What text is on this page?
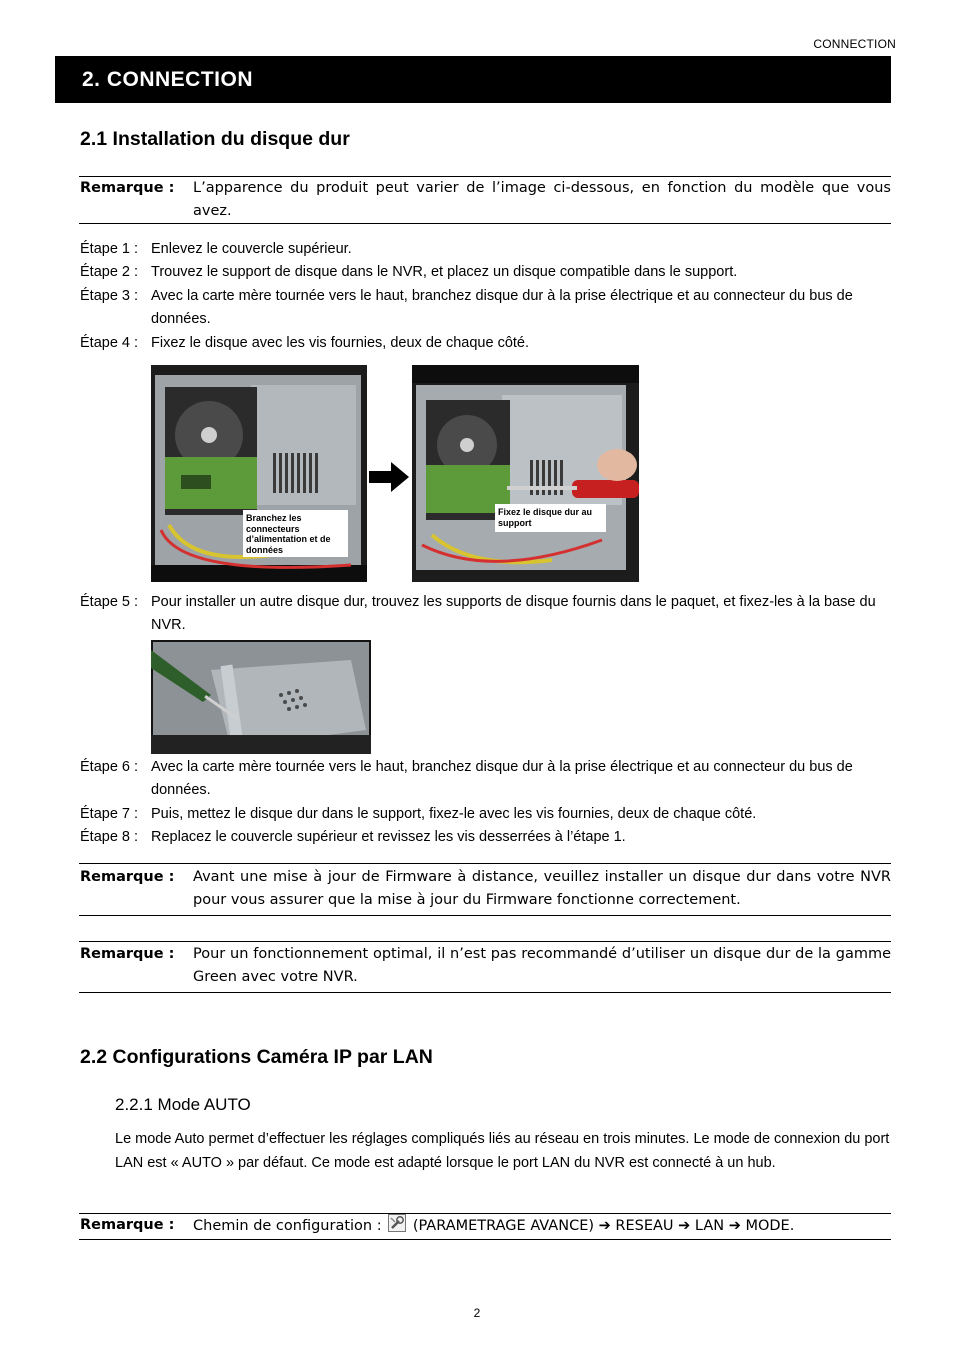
CONNECTION
2. CONNECTION
2.1 Installation du disque dur
Remarque : L’apparence du produit peut varier de l’image ci-dessous, en fonction du modèle que vous avez.
Étape 1 : Enlevez le couvercle supérieur.
Étape 2 : Trouvez le support de disque dans le NVR, et placez un disque compatible dans le support.
Étape 3 : Avec la carte mère tournée vers le haut, branchez disque dur à la prise électrique et au connecteur du bus de données.
Étape 4 : Fixez le disque avec les vis fournies, deux de chaque côté.
Branchez les connecteurs d’alimentation et de données
Fixez le disque dur au support
Étape 5 : Pour installer un autre disque dur, trouvez les supports de disque fournis dans le paquet, et fixez-les à la base du NVR.
Étape 6 : Avec la carte mère tournée vers le haut, branchez disque dur à la prise électrique et au connecteur du bus de données.
Étape 7 : Puis, mettez le disque dur dans le support, fixez-le avec les vis fournies, deux de chaque côté.
Étape 8 : Replacez le couvercle supérieur et revissez les vis desserrées à l’étape 1.
Remarque : Avant une mise à jour de Firmware à distance, veuillez installer un disque dur dans votre NVR pour vous assurer que la mise à jour du Firmware fonctionne correctement.
Remarque : Pour un fonctionnement optimal, il n’est pas recommandé d’utiliser un disque dur de la gamme Green avec votre NVR.
2.2 Configurations Caméra IP par LAN
2.2.1 Mode AUTO
Le mode Auto permet d’effectuer les réglages compliqués liés au réseau en trois minutes. Le mode de connexion du port LAN est « AUTO » par défaut. Ce mode est adapté lorsque le port LAN du NVR est connecté à un hub.
Remarque : Chemin de configuration : (PARAMETRAGE AVANCE) ➔ RESEAU ➔ LAN ➔ MODE.
2
